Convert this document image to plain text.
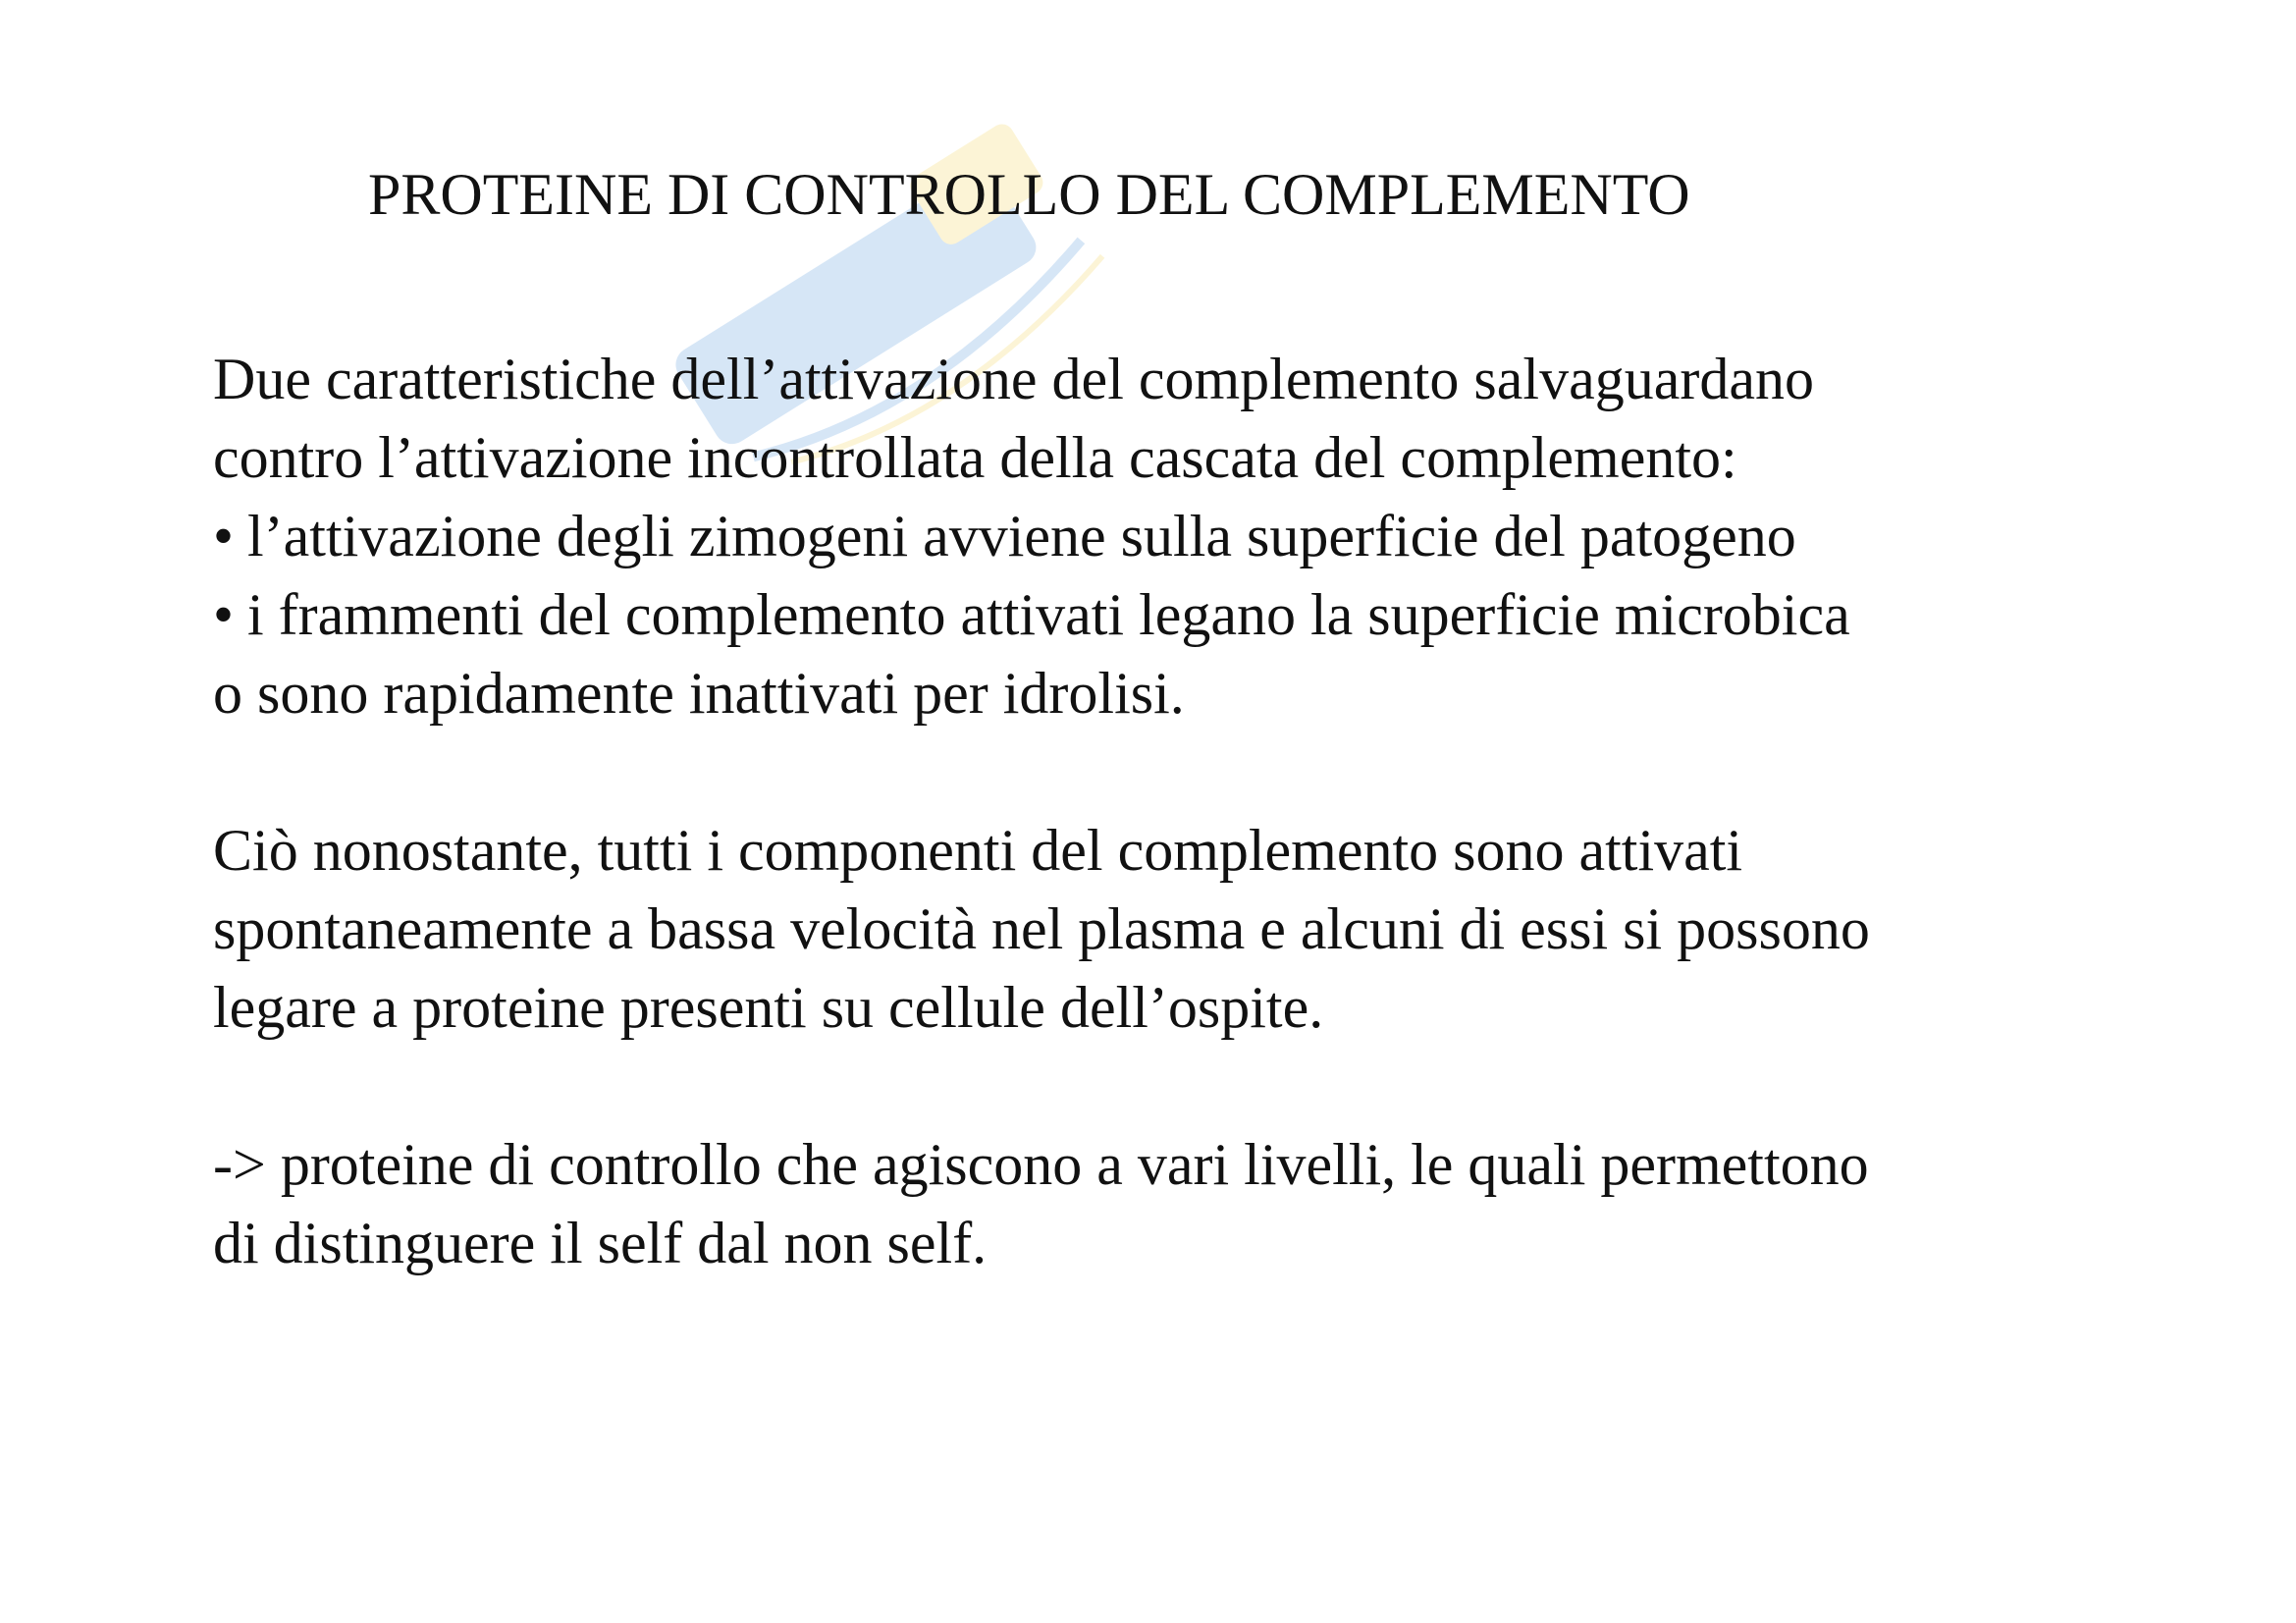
PROTEINE DI CONTROLLO DEL COMPLEMENTO

Due caratteristiche dell’attivazione del complemento salvaguardano
contro l’attivazione incontrollata della cascata del complemento:
• l’attivazione degli zimogeni avviene sulla superficie del patogeno
• i frammenti del complemento attivati legano la superficie microbica
o sono rapidamente inattivati per idrolisi.

Ciò nonostante, tutti i componenti del complemento sono attivati
spontaneamente a bassa velocità nel plasma e alcuni di essi si possono
legare a proteine presenti su cellule dell’ospite.

-> proteine di controllo che agiscono a vari livelli, le quali permettono
di distinguere il self dal non self.
